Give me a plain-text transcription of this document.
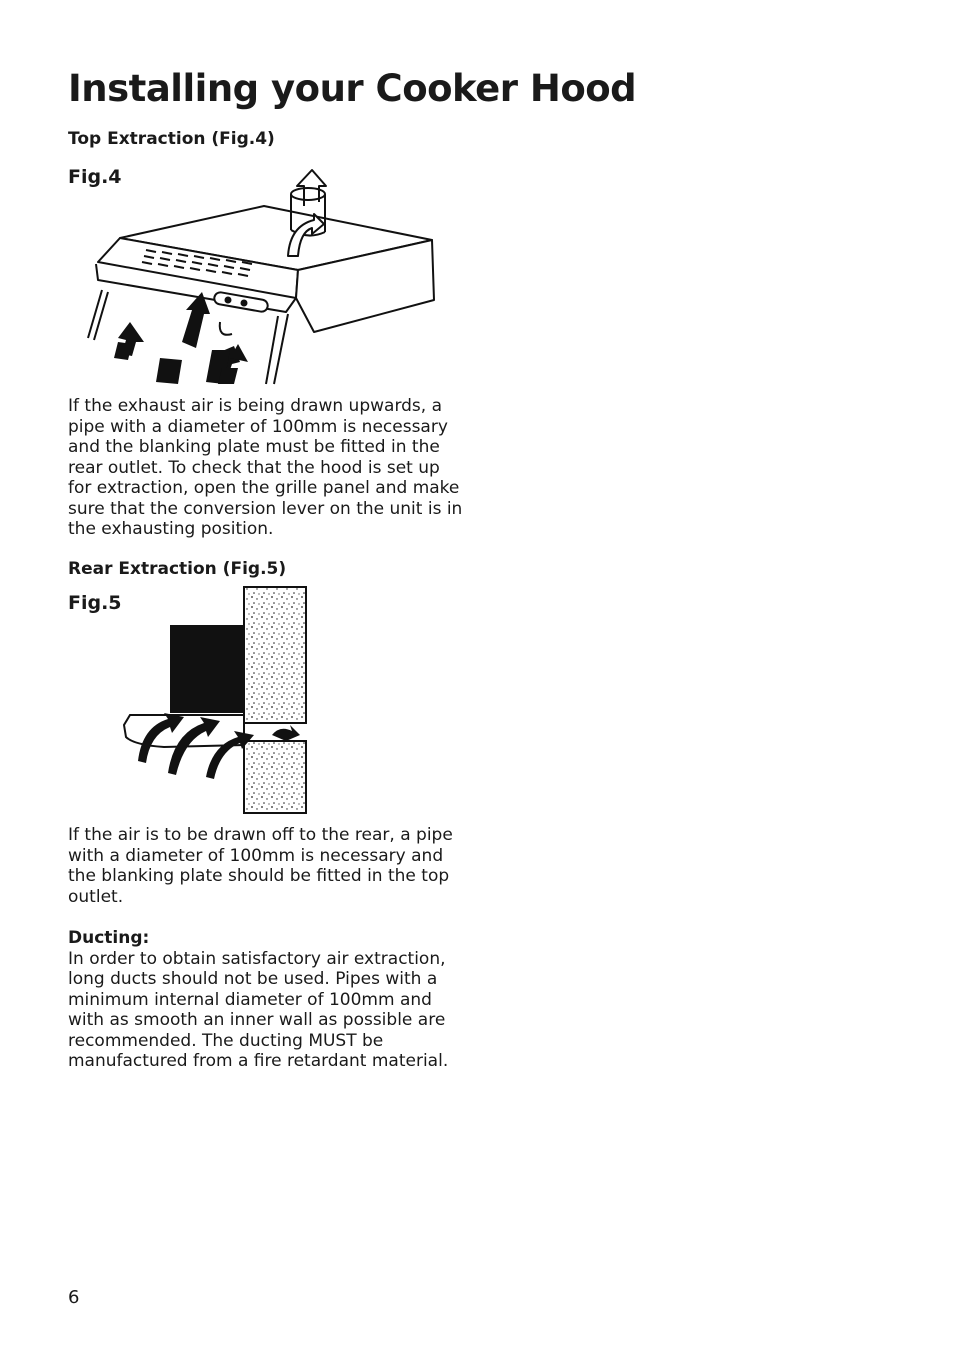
Installing your Cooker Hood
Top Extraction (Fig.4)
Fig.4

If the exhaust air is being drawn upwards, a pipe with a diameter of 100mm is necessary and the blanking plate must be fitted in the rear outlet. To check that the hood is set up for extraction, open the grille panel and make sure that the conversion lever on the unit is in the exhausting position.

Rear Extraction (Fig.5)
Fig.5

If the air is to be drawn off to the rear, a pipe with a diameter of 100mm is necessary and the blanking plate should be fitted in the top outlet.

Ducting:
In order to obtain satisfactory air extraction, long ducts should not be used. Pipes with a minimum internal diameter of 100mm and with as smooth an inner wall as possible are recommended. The ducting MUST be manufactured from a fire retardant material.
6
